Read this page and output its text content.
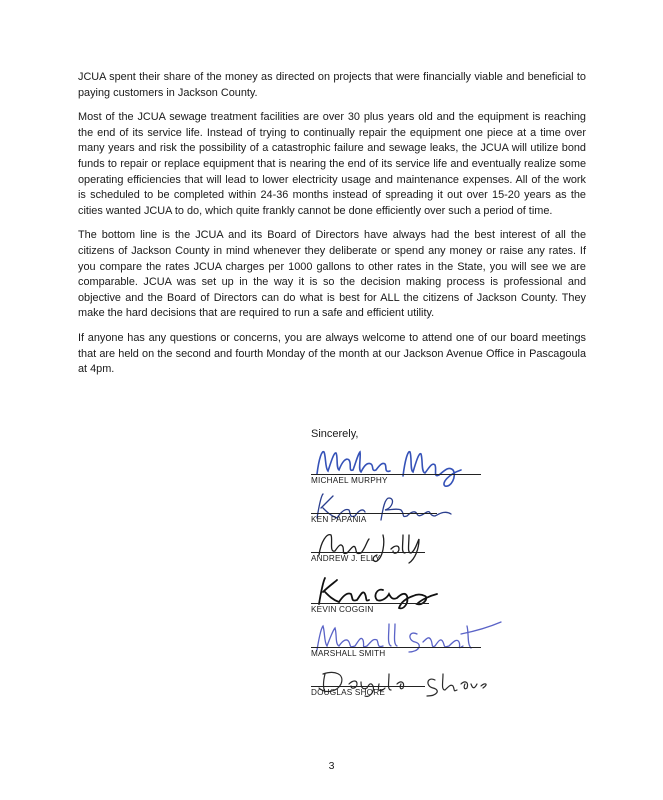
JCUA spent their share of the money as directed on projects that were financially viable and beneficial to paying customers in Jackson County.

Most of the JCUA sewage treatment facilities are over 30 plus years old and the equipment is reaching the end of its service life. Instead of trying to continually repair the equipment one piece at a time over many years and risk the possibility of a catastrophic failure and sewage leaks, the JCUA will utilize bond funds to repair or replace equipment that is nearing the end of its service life and eventually realize some operating efficiencies that will lead to lower electricity usage and maintenance expenses. All of the work is scheduled to be completed within 24-36 months instead of spreading it out over 15-20 years as the cities wanted JCUA to do, which quite frankly cannot be done efficiently over such a period of time.

The bottom line is the JCUA and its Board of Directors have always had the best interest of all the citizens of Jackson County in mind whenever they deliberate or spend any money or raise any rates. If you compare the rates JCUA charges per 1000 gallons to other rates in the State, you will see we are comparable. JCUA was set up in the way it is so the decision making process is professional and objective and the Board of Directors can do what is best for ALL the citizens of Jackson County. They make the hard decisions that are required to run a safe and efficient utility.

If anyone has any questions or concerns, you are always welcome to attend one of our board meetings that are held on the second and fourth Monday of the month at our Jackson Avenue Office in Pascagoula at 4pm.

Sincerely,
MICHAEL MURPHY
KEN PAPANIA
ANDREW J. ELLY
KEVIN COGGIN
MARSHALL SMITH
DOUGLAS SHORE
3
